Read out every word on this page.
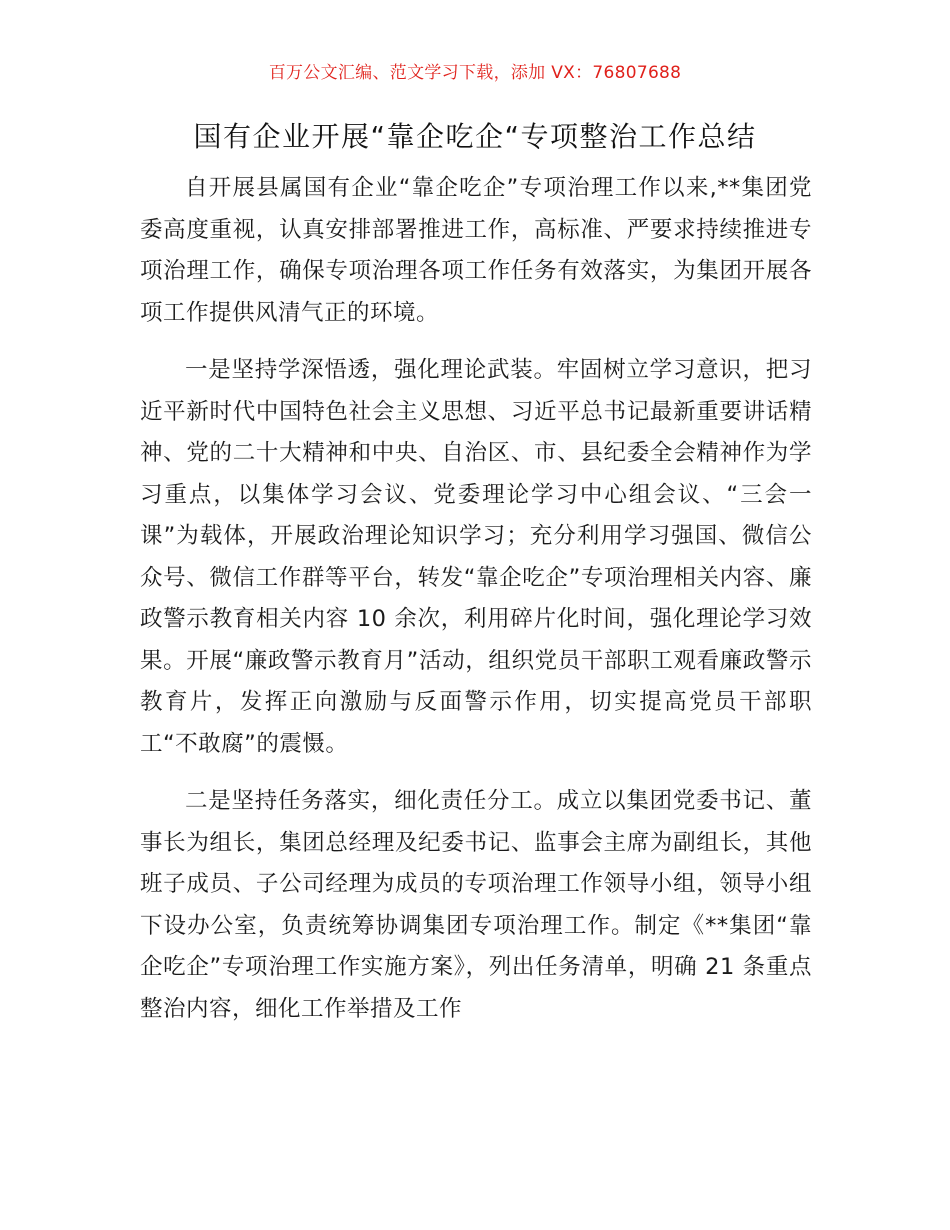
百万公文汇编、范文学习下载，添加 VX：76807688
国有企业开展“靠企吃企“专项整治工作总结

自开展县属国有企业“靠企吃企”专项治理工作以来,**集团党委高度重视，认真安排部署推进工作，高标准、严要求持续推进专项治理工作，确保专项治理各项工作任务有效落实，为集团开展各项工作提供风清气正的环境。

一是坚持学深悟透，强化理论武装。牢固树立学习意识，把习近平新时代中国特色社会主义思想、习近平总书记最新重要讲话精神、党的二十大精神和中央、自治区、市、县纪委全会精神作为学习重点，以集体学习会议、党委理论学习中心组会议、“三会一课”为载体，开展政治理论知识学习；充分利用学习强国、微信公众号、微信工作群等平台，转发“靠企吃企”专项治理相关内容、廉政警示教育相关内容 10 余次，利用碎片化时间，强化理论学习效果。开展“廉政警示教育月”活动，组织党员干部职工观看廉政警示教育片，发挥正向激励与反面警示作用，切实提高党员干部职工“不敢腐”的震慑。

二是坚持任务落实，细化责任分工。成立以集团党委书记、董事长为组长，集团总经理及纪委书记、监事会主席为副组长，其他班子成员、子公司经理为成员的专项治理工作领导小组，领导小组下设办公室，负责统筹协调集团专项治理工作。制定《**集团“靠企吃企”专项治理工作实施方案》，列出任务清单，明确 21 条重点整治内容，细化工作举措及工作
